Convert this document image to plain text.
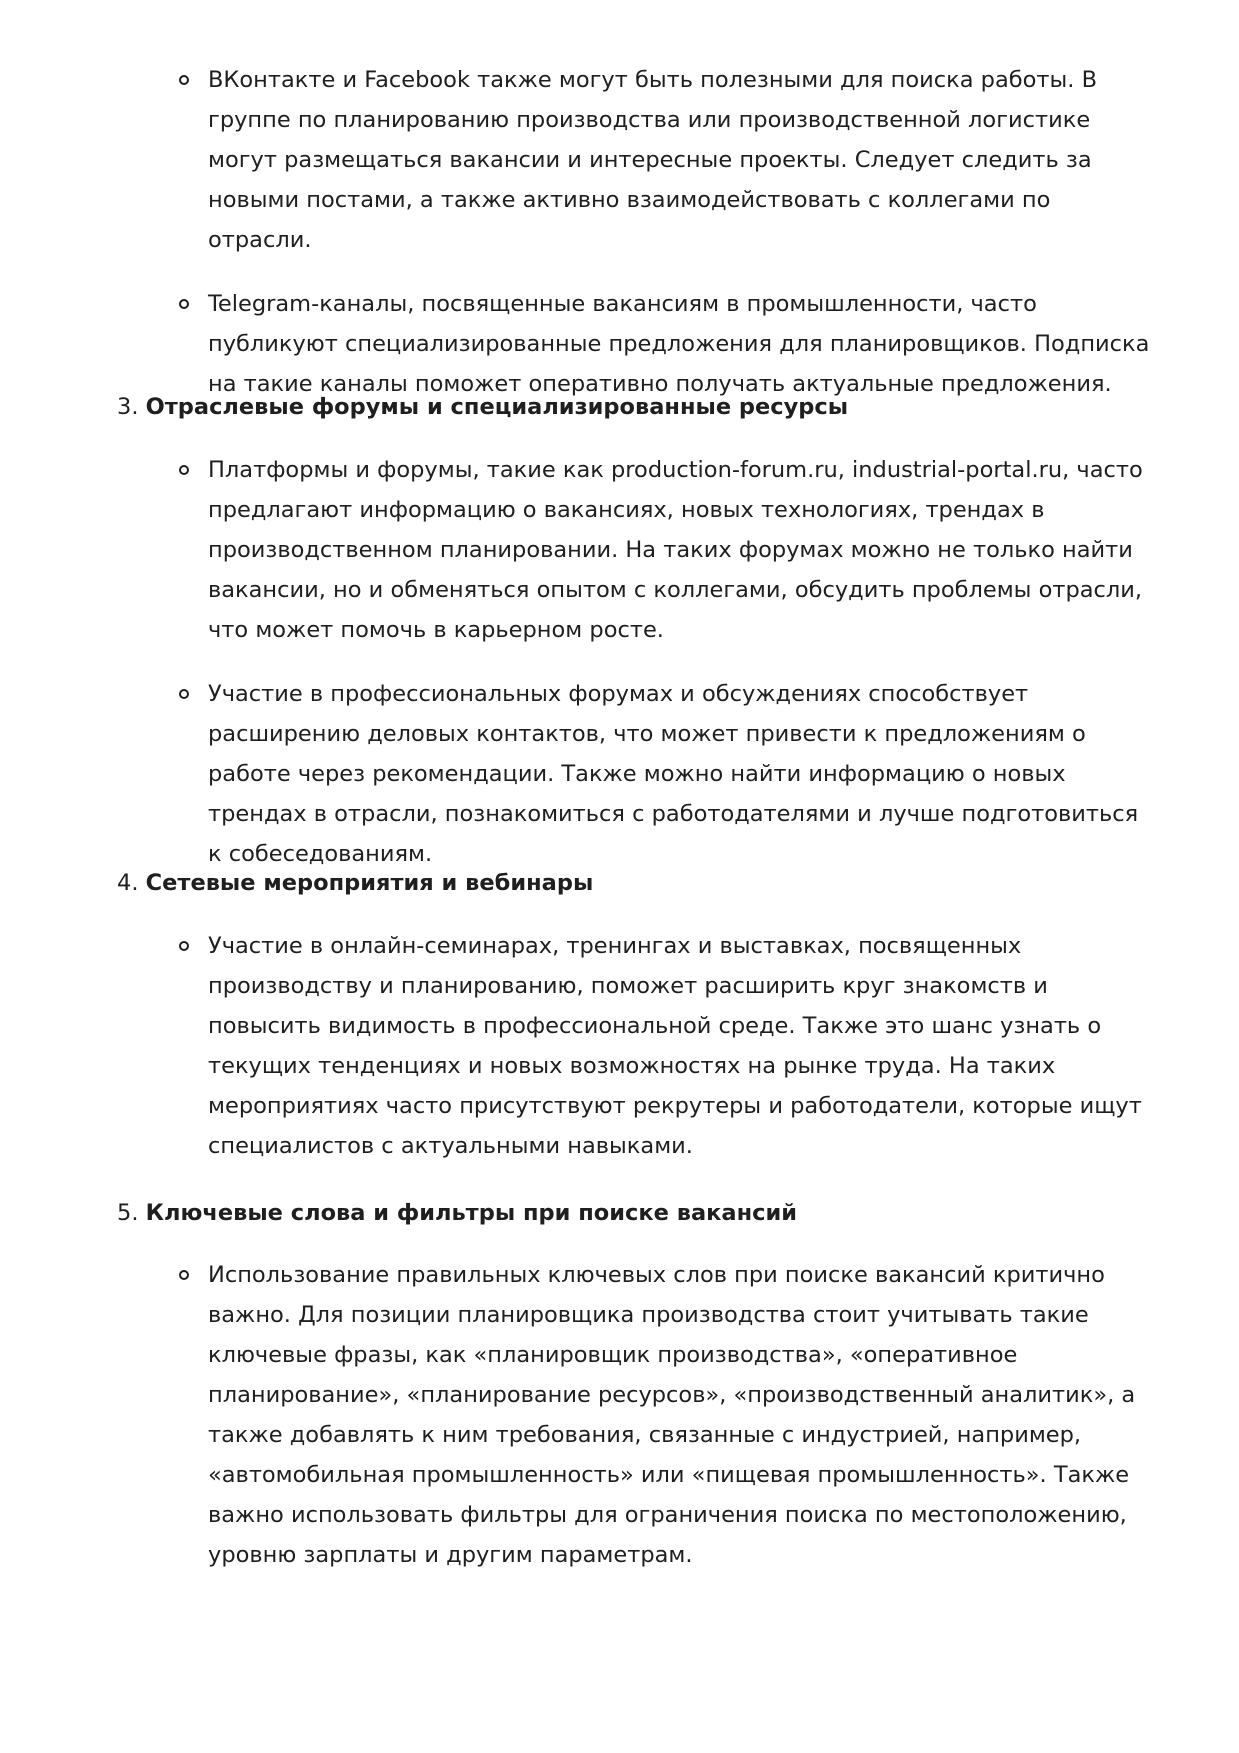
ВКонтакте и Facebook также могут быть полезными для поиска работы. В группе по планированию производства или производственной логистике могут размещаться вакансии и интересные проекты. Следует следить за новыми постами, а также активно взаимодействовать с коллегами по отрасли.
Telegram-каналы, посвященные вакансиям в промышленности, часто публикуют специализированные предложения для планировщиков. Подписка на такие каналы поможет оперативно получать актуальные предложения.

3. Отраслевые форумы и специализированные ресурсы

Платформы и форумы, такие как production-forum.ru, industrial-portal.ru, часто предлагают информацию о вакансиях, новых технологиях, трендах в производственном планировании. На таких форумах можно не только найти вакансии, но и обменяться опытом с коллегами, обсудить проблемы отрасли, что может помочь в карьерном росте.
Участие в профессиональных форумах и обсуждениях способствует расширению деловых контактов, что может привести к предложениям о работе через рекомендации. Также можно найти информацию о новых трендах в отрасли, познакомиться с работодателями и лучше подготовиться к собеседованиям.

4. Сетевые мероприятия и вебинары

Участие в онлайн-семинарах, тренингах и выставках, посвященных производству и планированию, поможет расширить круг знакомств и повысить видимость в профессиональной среде. Также это шанс узнать о текущих тенденциях и новых возможностях на рынке труда. На таких мероприятиях часто присутствуют рекрутеры и работодатели, которые ищут специалистов с актуальными навыками.

5. Ключевые слова и фильтры при поиске вакансий

Использование правильных ключевых слов при поиске вакансий критично важно. Для позиции планировщика производства стоит учитывать такие ключевые фразы, как «планировщик производства», «оперативное планирование», «планирование ресурсов», «производственный аналитик», а также добавлять к ним требования, связанные с индустрией, например, «автомобильная промышленность» или «пищевая промышленность». Также важно использовать фильтры для ограничения поиска по местоположению, уровню зарплаты и другим параметрам.
